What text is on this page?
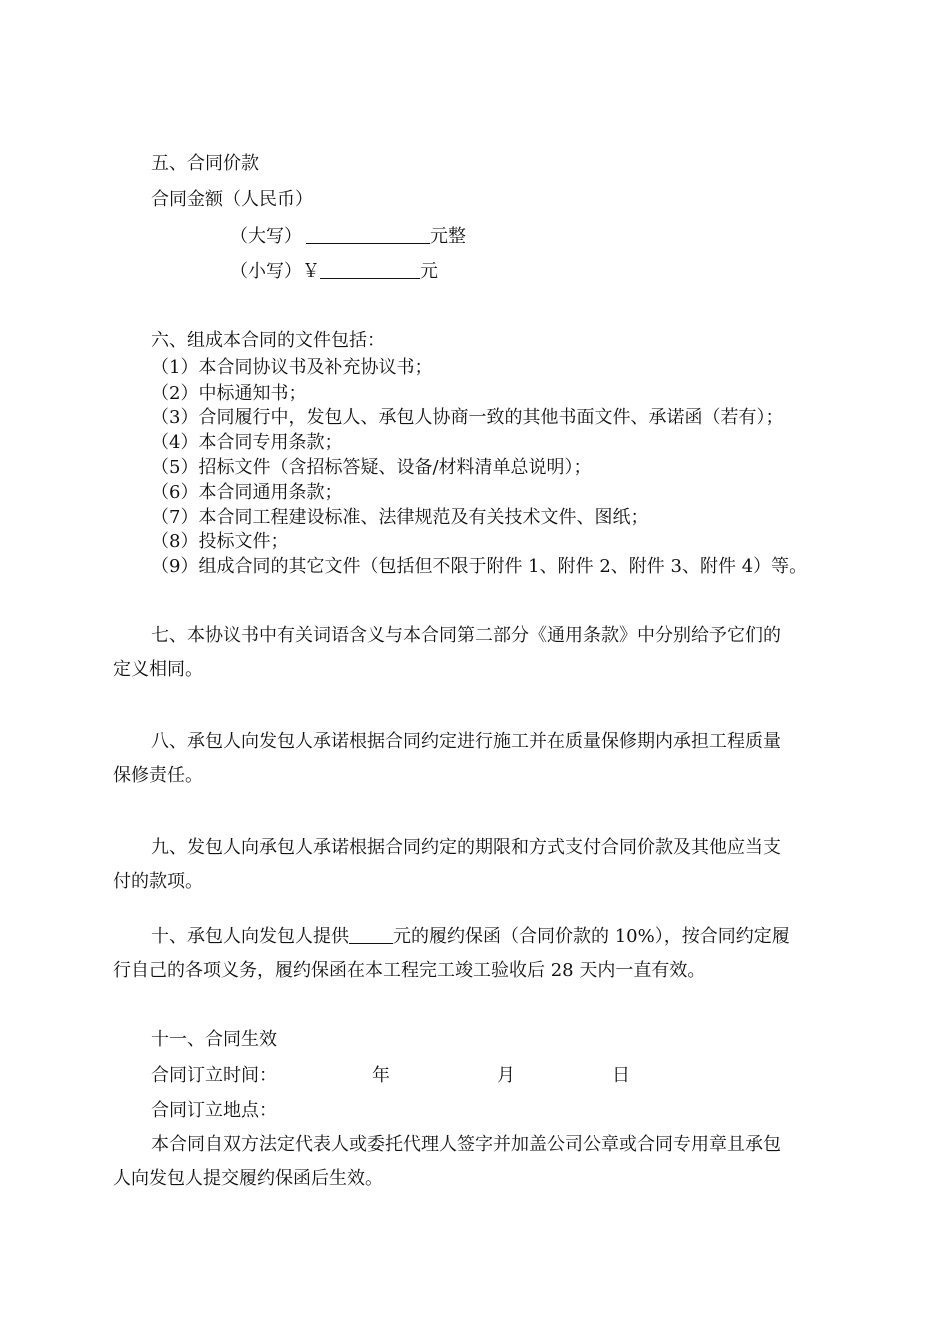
五、合同价款
合同金额（人民币）
（大写）	元整
（小写）￥	元
六、组成本合同的文件包括：
（1）本合同协议书及补充协议书；
（2）中标通知书；
（3）合同履行中，发包人、承包人协商一致的其他书面文件、承诺函（若有）；
（4）本合同专用条款；
（5）招标文件（含招标答疑、设备/材料清单总说明）；
（6）本合同通用条款；
（7）本合同工程建设标准、法律规范及有关技术文件、图纸；
（8）投标文件；
（9）组成合同的其它文件（包括但不限于附件 1、附件 2、附件 3、附件 4）等。
七、本协议书中有关词语含义与本合同第二部分《通用条款》中分别给予它们的
定义相同。
八、承包人向发包人承诺根据合同约定进行施工并在质量保修期内承担工程质量
保修责任。
九、发包人向承包人承诺根据合同约定的期限和方式支付合同价款及其他应当支
付的款项。
十、承包人向发包人提供 元的履约保函（合同价款的 10%），按合同约定履
行自己的各项义务，履约保函在本工程完工竣工验收后 28 天内一直有效。
十一、合同生效
合同订立时间：	年	月	日
合同订立地点：
本合同自双方法定代表人或委托代理人签字并加盖公司公章或合同专用章且承包
人向发包人提交履约保函后生效。
